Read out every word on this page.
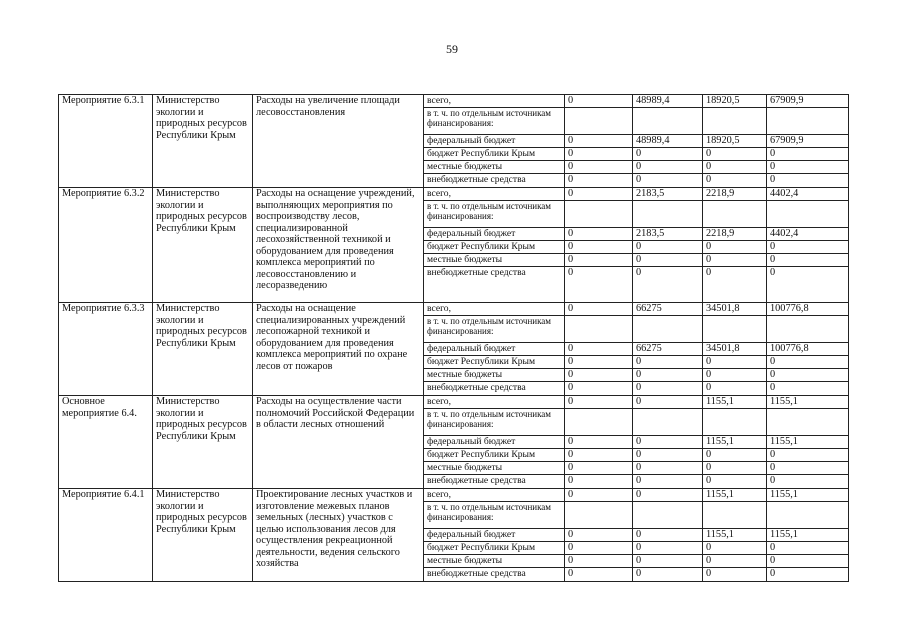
59
Мероприятие 6.3.1	Министерство экологии и природных ресурсов Республики Крым	Расходы на увеличение площади лесовосстановления	всего,	0	48989,4	18920,5	67909,9
			в т. ч. по отдельным источникам финансирования:				
			федеральный бюджет	0	48989,4	18920,5	67909,9
			бюджет Республики Крым	0	0	0	0
			местные бюджеты	0	0	0	0
			внебюджетные средства	0	0	0	0
Мероприятие 6.3.2	Министерство экологии и природных ресурсов Республики Крым	Расходы на оснащение учреждений, выполняющих мероприятия по воспроизводству лесов, специализированной лесохозяйственной техникой и оборудованием для проведения комплекса мероприятий по лесовосстановлению и лесоразведению	всего,	0	2183,5	2218,9	4402,4
			в т. ч. по отдельным источникам финансирования:				
			федеральный бюджет	0	2183,5	2218,9	4402,4
			бюджет Республики Крым	0	0	0	0
			местные бюджеты	0	0	0	0
			внебюджетные средства	0	0	0	0
Мероприятие 6.3.3	Министерство экологии и природных ресурсов Республики Крым	Расходы на оснащение специализированных учреждений лесопожарной техникой и оборудованием для проведения комплекса мероприятий по охране лесов от пожаров	всего,	0	66275	34501,8	100776,8
			в т. ч. по отдельным источникам финансирования:				
			федеральный бюджет	0	66275	34501,8	100776,8
			бюджет Республики Крым	0	0	0	0
			местные бюджеты	0	0	0	0
			внебюджетные средства	0	0	0	0
Основное мероприятие 6.4.	Министерство экологии и природных ресурсов Республики Крым	Расходы на осуществление части полномочий Российской Федерации в области лесных отношений	всего,	0	0	1155,1	1155,1
			в т. ч. по отдельным источникам финансирования:				
			федеральный бюджет	0	0	1155,1	1155,1
			бюджет Республики Крым	0	0	0	0
			местные бюджеты	0	0	0	0
			внебюджетные средства	0	0	0	0
Мероприятие 6.4.1	Министерство экологии и природных ресурсов Республики Крым	Проектирование лесных участков и изготовление межевых планов земельных (лесных) участков с целью использования лесов для осуществления рекреационной деятельности, ведения сельского хозяйства	всего,	0	0	1155,1	1155,1
			в т. ч. по отдельным источникам финансирования:				
			федеральный бюджет	0	0	1155,1	1155,1
			бюджет Республики Крым	0	0	0	0
			местные бюджеты	0	0	0	0
			внебюджетные средства	0	0	0	0
